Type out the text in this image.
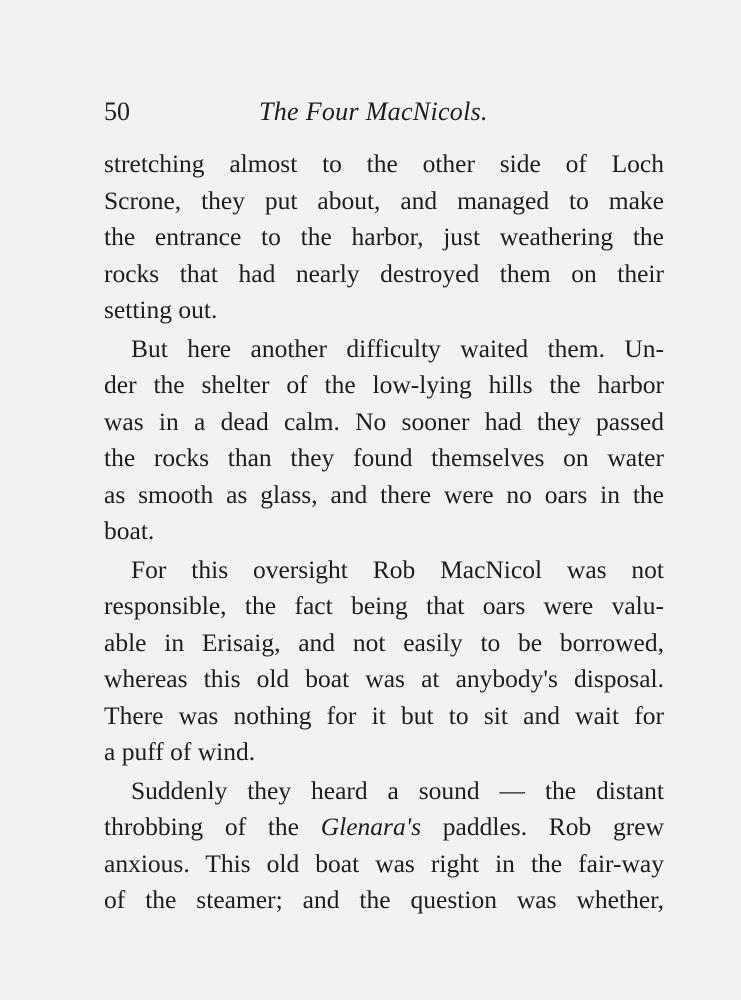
50	The Four MacNicols.
stretching almost to the other side of Loch
Scrone, they put about, and managed to make
the entrance to the harbor, just weathering the
rocks that had nearly destroyed them on their
setting out.
But here another difficulty waited them. Un-
der the shelter of the low-lying hills the harbor
was in a dead calm. No sooner had they passed
the rocks than they found themselves on water
as smooth as glass, and there were no oars in the
boat.
For this oversight Rob MacNicol was not
responsible, the fact being that oars were valu-
able in Erisaig, and not easily to be borrowed,
whereas this old boat was at anybody's disposal.
There was nothing for it but to sit and wait for
a puff of wind.
Suddenly they heard a sound — the distant
throbbing of the Glenara's paddles. Rob grew
anxious. This old boat was right in the fair-way
of the steamer; and the question was whether,
